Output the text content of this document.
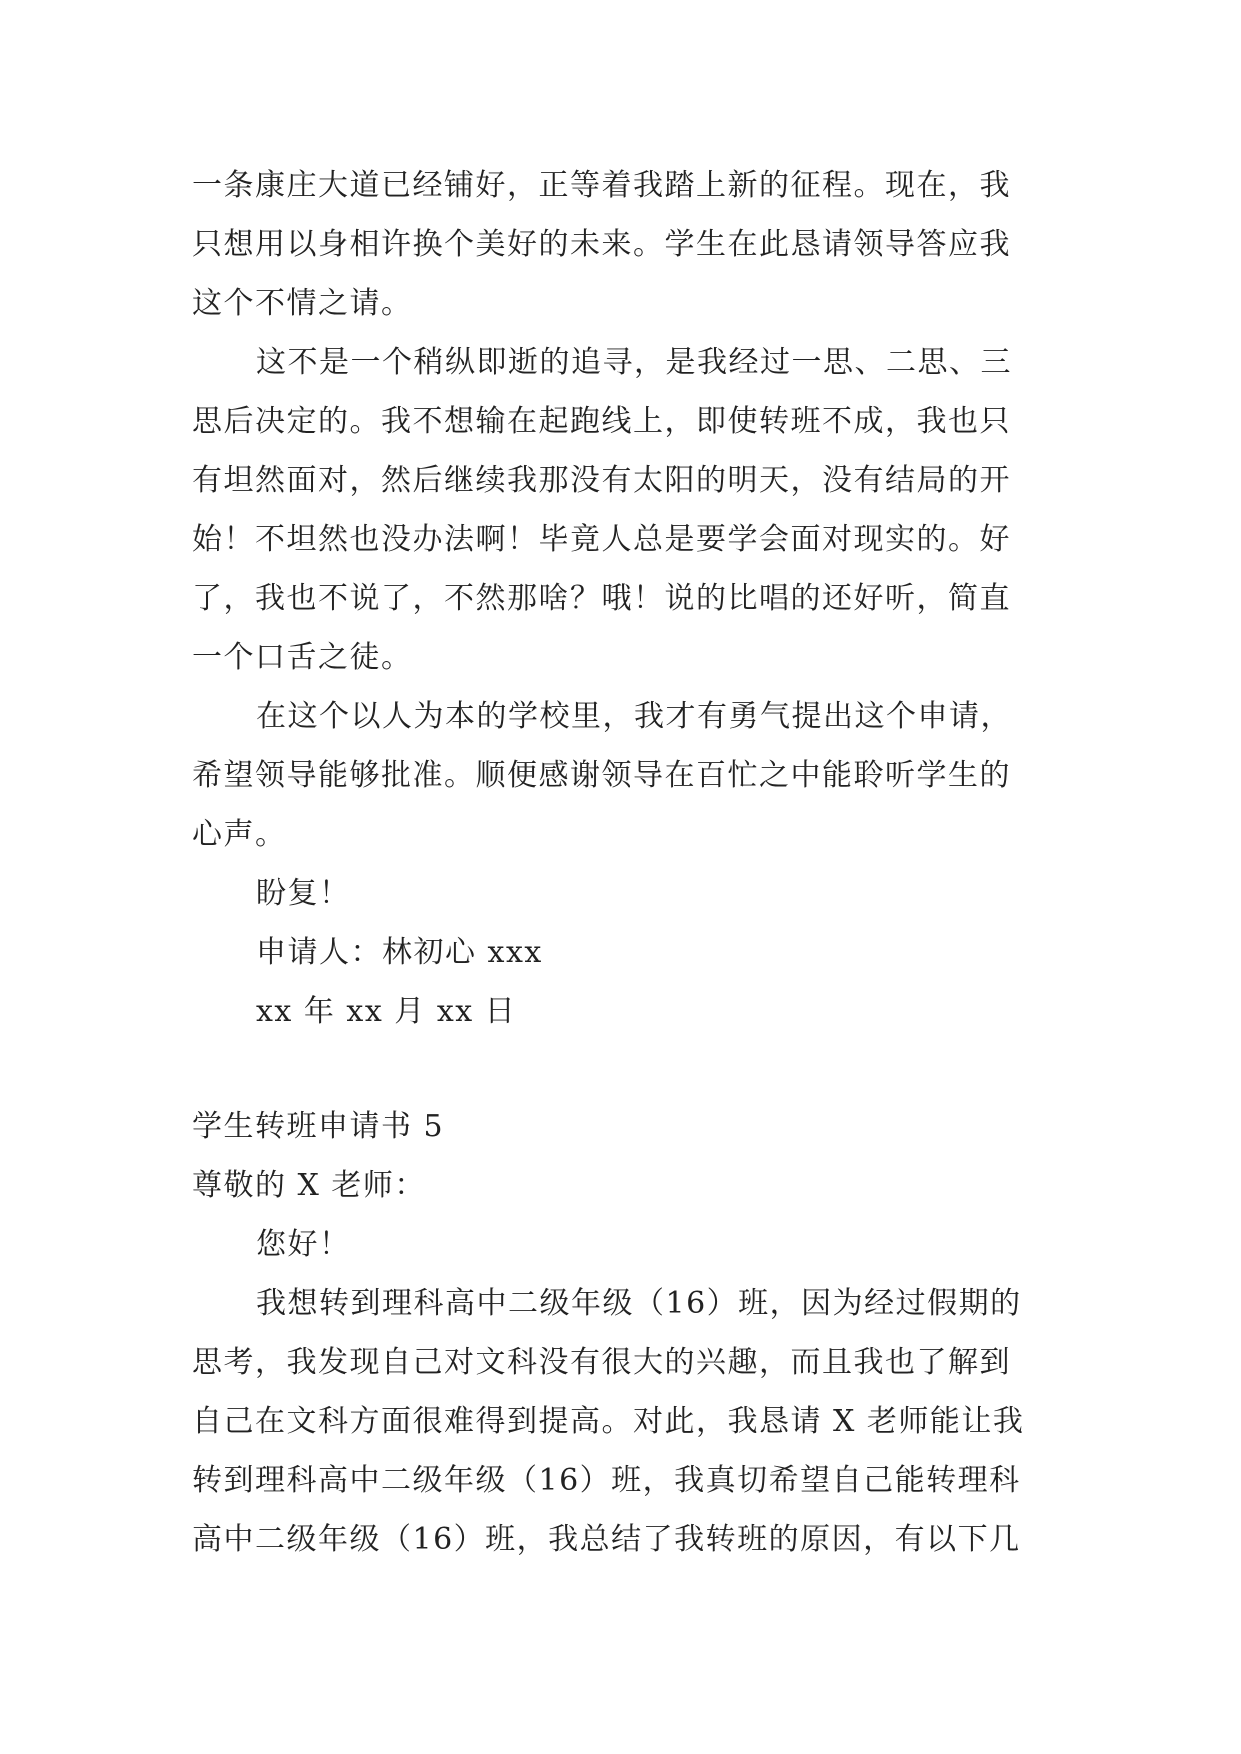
一条康庄大道已经铺好，正等着我踏上新的征程。现在，我
只想用以身相许换个美好的未来。学生在此恳请领导答应我
这个不情之请。
这不是一个稍纵即逝的追寻，是我经过一思、二思、三
思后决定的。我不想输在起跑线上，即使转班不成，我也只
有坦然面对，然后继续我那没有太阳的明天，没有结局的开
始！不坦然也没办法啊！毕竟人总是要学会面对现实的。好
了，我也不说了，不然那啥？哦！说的比唱的还好听，简直
一个口舌之徒。
在这个以人为本的学校里，我才有勇气提出这个申请，
希望领导能够批准。顺便感谢领导在百忙之中能聆听学生的
心声。
盼复！
申请人：林初心 xxx
xx 年 xx 月 xx 日
学生转班申请书 5
尊敬的 X 老师：
您好！
我想转到理科高中二级年级（16）班，因为经过假期的
思考，我发现自己对文科没有很大的兴趣，而且我也了解到
自己在文科方面很难得到提高。对此，我恳请 X 老师能让我
转到理科高中二级年级（16）班，我真切希望自己能转理科
高中二级年级（16）班，我总结了我转班的原因，有以下几
